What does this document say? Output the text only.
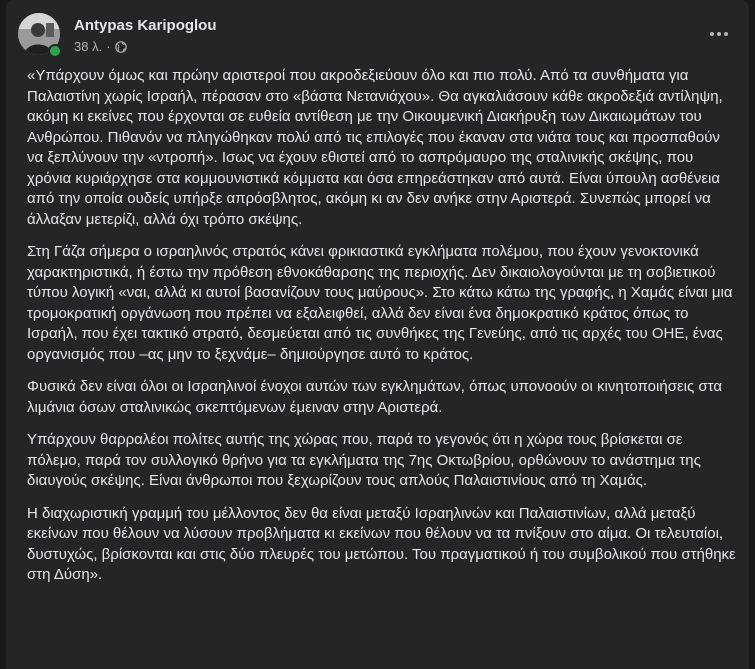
Antypas Karipoglou
38 λ. ·

«Υπάρχουν όμως και πρώην αριστεροί που ακροδεξιεύουν όλο και πιο πολύ. Από τα συνθήματα για Παλαιστίνη χωρίς Ισραήλ, πέρασαν στο «βάστα Νετανιάχου». Θα αγκαλιάσουν κάθε ακροδεξιά αντίληψη, ακόμη κι εκείνες που έρχονται σε ευθεία αντίθεση με την Οικουμενική Διακήρυξη των Δικαιωμάτων του Ανθρώπου. Πιθανόν να πληγώθηκαν πολύ από τις επιλογές που έκαναν στα νιάτα τους και προσπαθούν να ξεπλύνουν την «ντροπή». Ισως να έχουν εθιστεί από το ασπρόμαυρο της σταλινικής σκέψης, που χρόνια κυριάρχησε στα κομμουνιστικά κόμματα και όσα επηρεάστηκαν από αυτά. Είναι ύπουλη ασθένεια από την οποία ουδείς υπήρξε απρόσβλητος, ακόμη κι αν δεν ανήκε στην Αριστερά. Συνεπώς μπορεί να άλλαξαν μετερίζι, αλλά όχι τρόπο σκέψης.

Στη Γάζα σήμερα ο ισραηλινός στρατός κάνει φρικιαστικά εγκλήματα πολέμου, που έχουν γενοκτονικά χαρακτηριστικά, ή έστω την πρόθεση εθνοκάθαρσης της περιοχής. Δεν δικαιολογούνται με τη σοβιετικού τύπου λογική «ναι, αλλά κι αυτοί βασανίζουν τους μαύρους». Στο κάτω κάτω της γραφής, η Χαμάς είναι μια τρομοκρατική οργάνωση που πρέπει να εξαλειφθεί, αλλά δεν είναι ένα δημοκρατικό κράτος όπως το Ισραήλ, που έχει τακτικό στρατό, δεσμεύεται από τις συνθήκες της Γενεύης, από τις αρχές του ΟΗΕ, ένας οργανισμός που –ας μην το ξεχνάμε– δημιούργησε αυτό το κράτος.

Φυσικά δεν είναι όλοι οι Ισραηλινοί ένοχοι αυτών των εγκλημάτων, όπως υπονοούν οι κινητοποιήσεις στα λιμάνια όσων σταλινικώς σκεπτόμενων έμειναν στην Αριστερά.

Υπάρχουν θαρραλέοι πολίτες αυτής της χώρας που, παρά το γεγονός ότι η χώρα τους βρίσκεται σε πόλεμο, παρά τον συλλογικό θρήνο για τα εγκλήματα της 7ης Οκτωβρίου, ορθώνουν το ανάστημα της διαυγούς σκέψης. Είναι άνθρωποι που ξεχωρίζουν τους απλούς Παλαιστινίους από τη Χαμάς.

Η διαχωριστική γραμμή του μέλλοντος δεν θα είναι μεταξύ Ισραηλινών και Παλαιστινίων, αλλά μεταξύ εκείνων που θέλουν να λύσουν προβλήματα κι εκείνων που θέλουν να τα πνίξουν στο αίμα. Οι τελευταίοι, δυστυχώς, βρίσκονται και στις δύο πλευρές του μετώπου. Του πραγματικού ή του συμβολικού που στήθηκε στη Δύση».
